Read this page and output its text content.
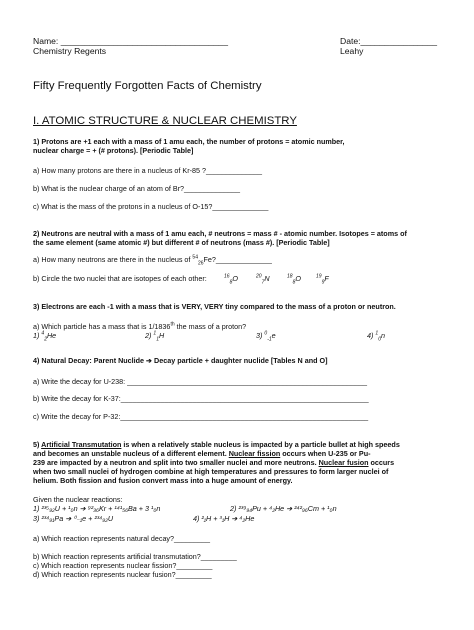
Name: ___________________________________
Chemistry Regents
Date:________________
Leahy
Fifty Frequently Forgotten Facts of Chemistry
I. ATOMIC STRUCTURE & NUCLEAR CHEMISTRY
1) Protons are +1 each with a mass of 1 amu each, the number of protons = atomic number,
nuclear charge = + (# protons). [Periodic Table]
a) How many protons are there in a nucleus of Kr-85 ?______________
b) What is the nuclear charge of an atom of Br?______________
c) What is the mass of the protons in a nucleus of O-15?______________
2) Neutrons are neutral with a mass of 1 amu each, # neutrons = mass # - atomic number. Isotopes = atoms of
the same element (same atomic #) but different # of neutrons (mass #). [Periodic Table]
a) How many neutrons are there in the nucleus of $^{54}_{26}$Fe?______________
b) Circle the two nuclei that are isotopes of each other:	$^{16}_8$O	$^{20}_7$N	$^{18}_8$O	$^{19}_9$F
3) Electrons are each -1 with a mass that is VERY, VERY tiny compared to the mass of a proton or neutron.
a) Which particle has a mass that is 1/1836th the mass of a proton?
1) $^4_2$He	2) $^1_1$H	3) $^0_{-1}$e	4) $^1_0$n
4) Natural Decay: Parent Nuclide ➔ Decay particle + daughter nuclide [Tables N and O]
a) Write the decay for U-238: ____________________________________________________________
b) Write the decay for K-37:______________________________________________________________
c) Write the decay for P-32:______________________________________________________________
5) Artificial Transmutation is when a relatively stable nucleus is impacted by a particle bullet at high speeds
and becomes an unstable nucleus of a different element. Nuclear fission occurs when U-235 or Pu-
239 are impacted by a neutron and split into two smaller nuclei and more neutrons. Nuclear fusion occurs
when two small nuclei of hydrogen combine at high temperatures and pressures to form larger nuclei of
helium. Both fission and fusion convert mass into a huge amount of energy.
Given the nuclear reactions:
1) ²³⁵₉₂U + ¹₀n ➔ ⁹²₃₆Kr + ¹⁴¹₅₆Ba + 3 ¹₀n	2) ²³⁹₉₄Pu + ⁴₂He ➔ ²⁴²₉₆Cm + ¹₀n
3) ²³⁴₉₁Pa ➔ ⁰₋₁e + ²³⁴₉₂U	4) ²₁H + ³₁H ➔ ⁴₂He
a) Which reaction represents natural decay?_________
b) Which reaction represents artificial transmutation?_________
c) Which reaction represents nuclear fission?_________
d) Which reaction represents nuclear fusion?_________
